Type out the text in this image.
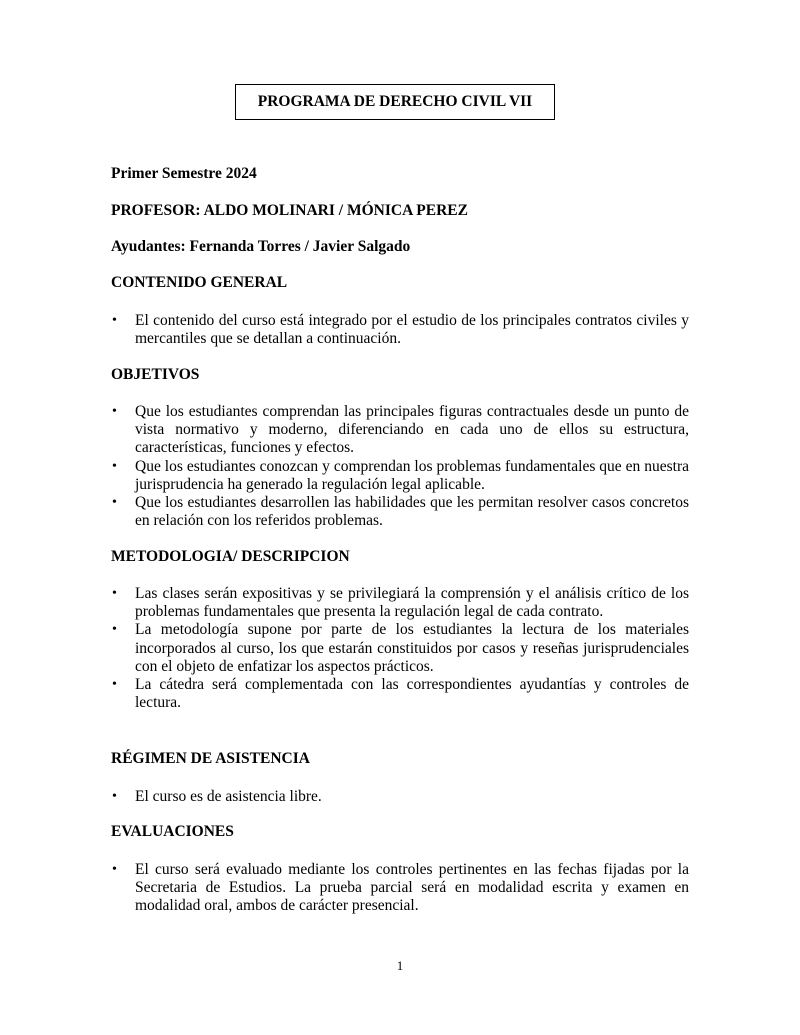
PROGRAMA DE DERECHO CIVIL VII
Primer Semestre 2024
PROFESOR: ALDO MOLINARI / MÓNICA PEREZ
Ayudantes: Fernanda Torres / Javier Salgado
CONTENIDO GENERAL
• El contenido del curso está integrado por el estudio de los principales contratos civiles y mercantiles que se detallan a continuación.
OBJETIVOS
• Que los estudiantes comprendan las principales figuras contractuales desde un punto de vista normativo y moderno, diferenciando en cada uno de ellos su estructura, características, funciones y efectos.
• Que los estudiantes conozcan y comprendan los problemas fundamentales que en nuestra jurisprudencia ha generado la regulación legal aplicable.
• Que los estudiantes desarrollen las habilidades que les permitan resolver casos concretos en relación con los referidos problemas.
METODOLOGIA/ DESCRIPCION
• Las clases serán expositivas y se privilegiará la comprensión y el análisis crítico de los problemas fundamentales que presenta la regulación legal de cada contrato.
• La metodología supone por parte de los estudiantes la lectura de los materiales incorporados al curso, los que estarán constituidos por casos y reseñas jurisprudenciales con el objeto de enfatizar los aspectos prácticos.
• La cátedra será complementada con las correspondientes ayudantías y controles de lectura.
RÉGIMEN DE ASISTENCIA
• El curso es de asistencia libre.
EVALUACIONES
• El curso será evaluado mediante los controles pertinentes en las fechas fijadas por la Secretaria de Estudios. La prueba parcial será en modalidad escrita y examen en modalidad oral, ambos de carácter presencial.
1
